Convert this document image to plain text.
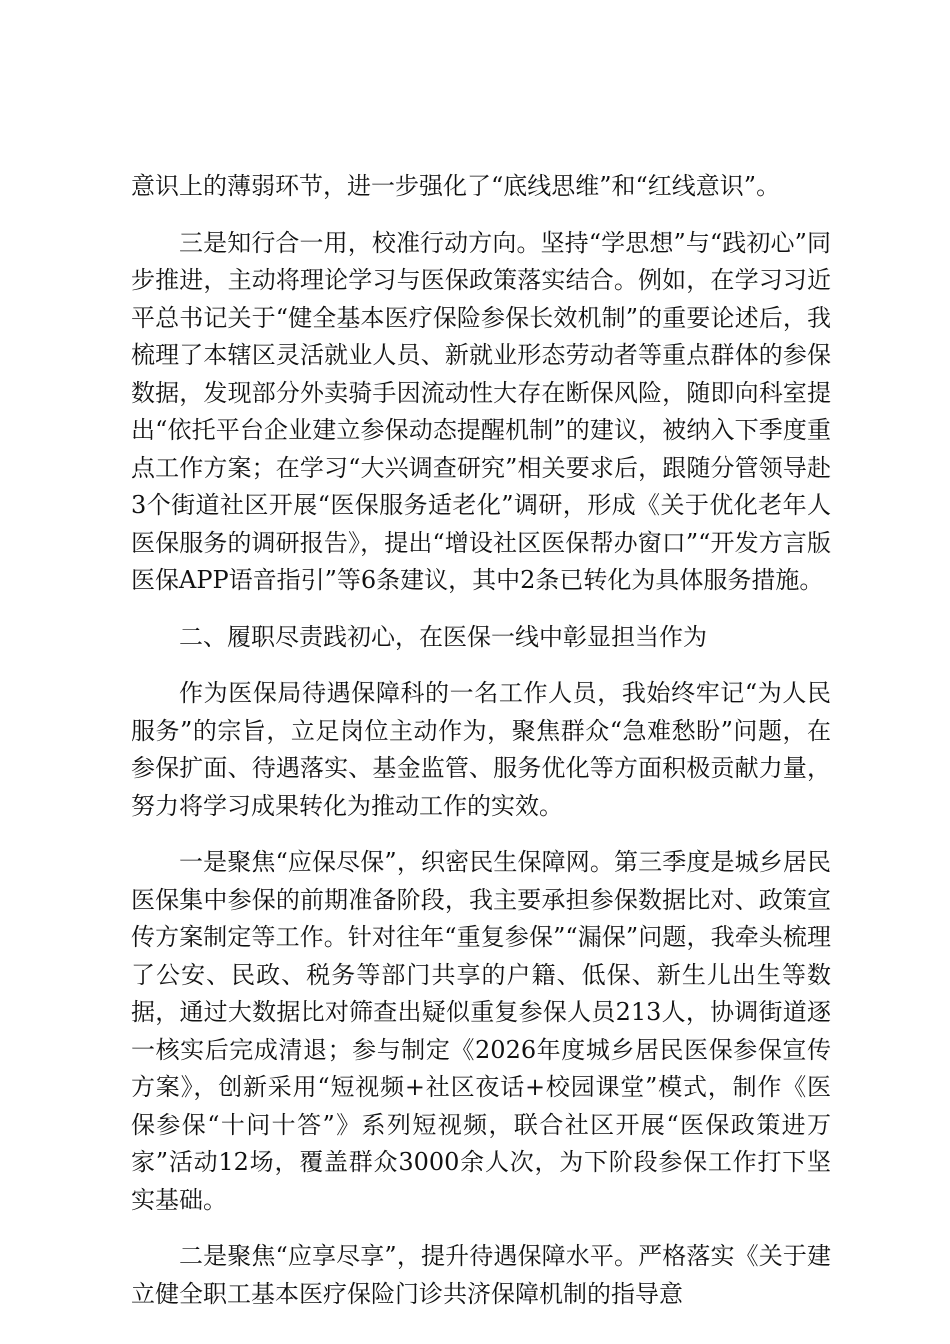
意识上的薄弱环节，进一步强化了“底线思维”和“红线意识”。

三是知行合一用，校准行动方向。坚持“学思想”与“践初心”同步推进，主动将理论学习与医保政策落实结合。例如，在学习习近平总书记关于“健全基本医疗保险参保长效机制”的重要论述后，我梳理了本辖区灵活就业人员、新就业形态劳动者等重点群体的参保数据，发现部分外卖骑手因流动性大存在断保风险，随即向科室提出“依托平台企业建立参保动态提醒机制”的建议，被纳入下季度重点工作方案；在学习“大兴调查研究”相关要求后，跟随分管领导赴3个街道社区开展“医保服务适老化”调研，形成《关于优化老年人医保服务的调研报告》，提出“增设社区医保帮办窗口”“开发方言版医保APP语音指引”等6条建议，其中2条已转化为具体服务措施。

二、履职尽责践初心，在医保一线中彰显担当作为

作为医保局待遇保障科的一名工作人员，我始终牢记“为人民服务”的宗旨，立足岗位主动作为，聚焦群众“急难愁盼”问题，在参保扩面、待遇落实、基金监管、服务优化等方面积极贡献力量，努力将学习成果转化为推动工作的实效。

一是聚焦“应保尽保”，织密民生保障网。第三季度是城乡居民医保集中参保的前期准备阶段，我主要承担参保数据比对、政策宣传方案制定等工作。针对往年“重复参保”“漏保”问题，我牵头梳理了公安、民政、税务等部门共享的户籍、低保、新生儿出生等数据，通过大数据比对筛查出疑似重复参保人员213人，协调街道逐一核实后完成清退；参与制定《2026年度城乡居民医保参保宣传方案》，创新采用“短视频+社区夜话+校园课堂”模式，制作《医保参保“十问十答”》系列短视频，联合社区开展“医保政策进万家”活动12场，覆盖群众3000余人次，为下阶段参保工作打下坚实基础。

二是聚焦“应享尽享”，提升待遇保障水平。严格落实《关于建立健全职工基本医疗保险门诊共济保障机制的指导意
